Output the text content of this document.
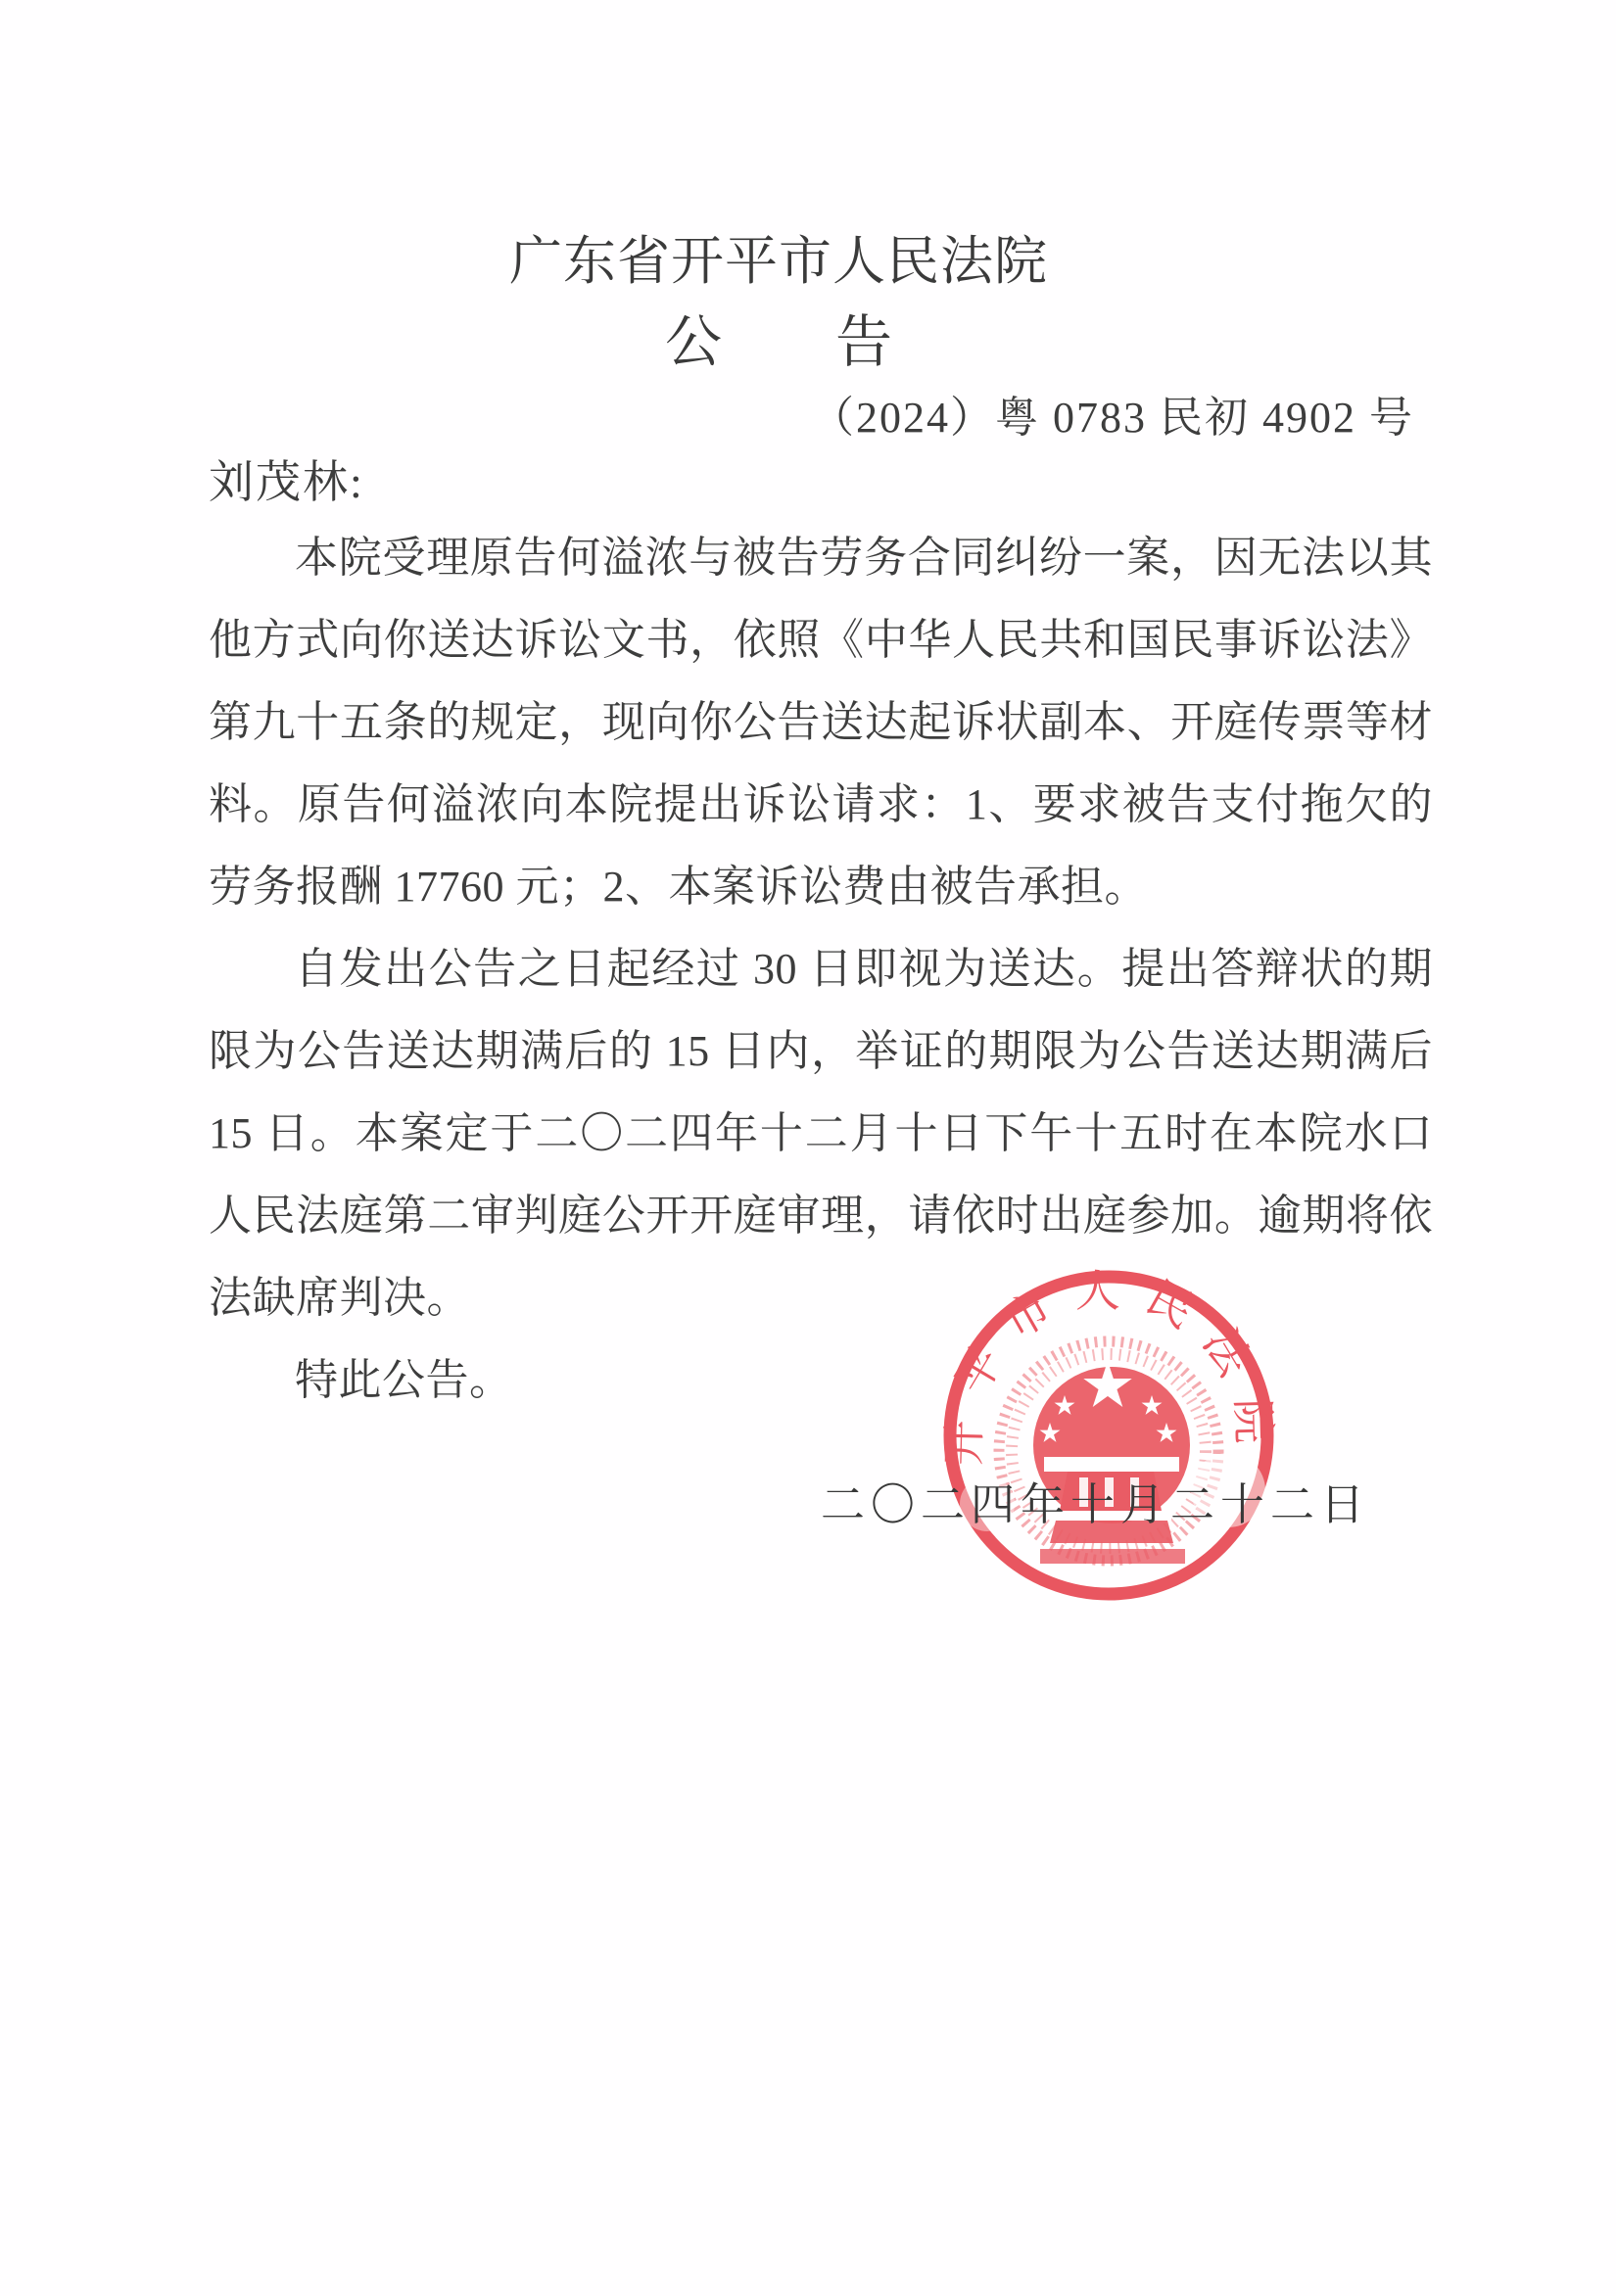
广东省开平市人民法院
公　　告
（2024）粤 0783 民初 4902 号
刘茂林:

本院受理原告何溢浓与被告劳务合同纠纷一案，因无法以其他方式向你送达诉讼文书，依照《中华人民共和国民事诉讼法》第九十五条的规定，现向你公告送达起诉状副本、开庭传票等材料。原告何溢浓向本院提出诉讼请求：1、要求被告支付拖欠的劳务报酬 17760 元；2、本案诉讼费由被告承担。

自发出公告之日起经过 30 日即视为送达。提出答辩状的期限为公告送达期满后的 15 日内，举证的期限为公告送达期满后 15 日。本案定于二〇二四年十二月十日下午十五时在本院水口人民法庭第二审判庭公开开庭审理，请依时出庭参加。逾期将依法缺席判决。

特此公告。

开平市人民法院
二〇二四年十月二十二日
